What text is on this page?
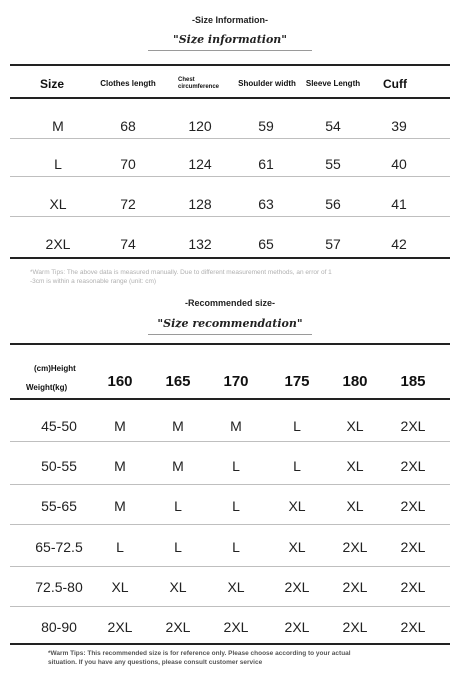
-Size Information-
"Size information"
Size	Clothes length	Chest
circumference	Shoulder width	Sleeve Length	Cuff
M	68	120	59	54	39
L	70	124	61	55	40
XL	72	128	63	56	41
2XL	74	132	65	57	42
*Warm Tips: The above data is measured manually. Due to different measurement methods, an error of 1
-3cm is within a reasonable range (unit: cm)
-Recommended size-
"Size recommendation"
(cm)Height
Weight(kg)	160	165	170	175	180	185
45-50	M	M	M	L	XL	2XL
50-55	M	M	L	L	XL	2XL
55-65	M	L	L	XL	XL	2XL
65-72.5	L	L	L	XL	2XL	2XL
72.5-80	XL	XL	XL	2XL	2XL	2XL
80-90	2XL	2XL	2XL	2XL	2XL	2XL
*Warm Tips: This recommended size is for reference only. Please choose according to your actual
situation. If you have any questions, please consult customer service
